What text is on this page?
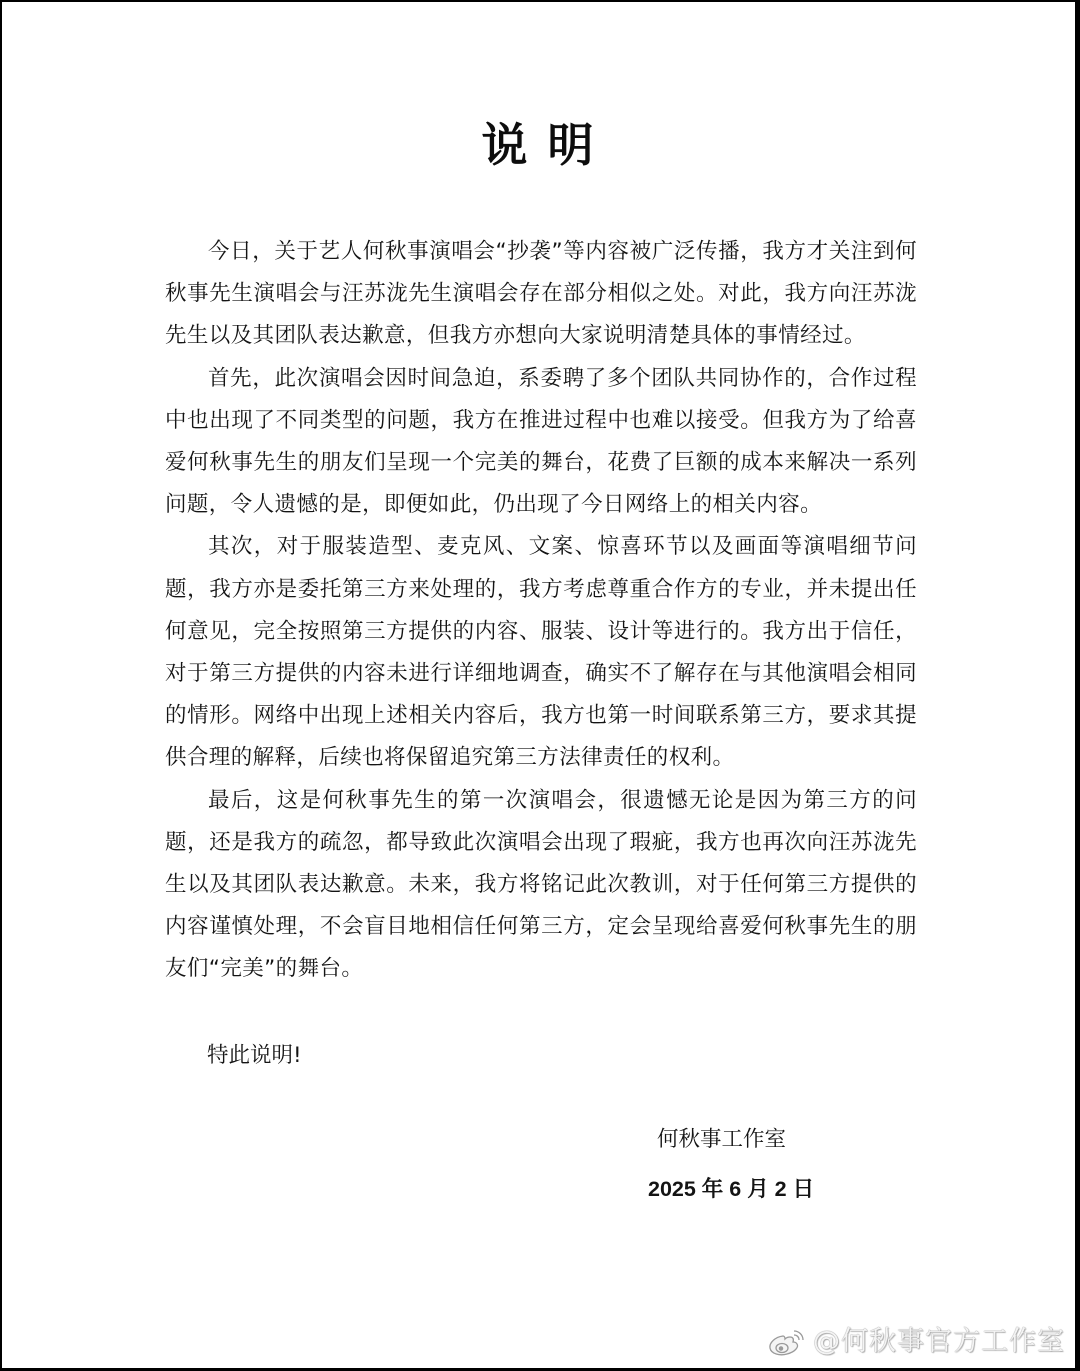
说明

今日，关于艺人何秋事演唱会“抄袭”等内容被广泛传播，我方才关注到何秋事先生演唱会与汪苏泷先生演唱会存在部分相似之处。对此，我方向汪苏泷先生以及其团队表达歉意，但我方亦想向大家说明清楚具体的事情经过。

首先，此次演唱会因时间急迫，系委聘了多个团队共同协作的，合作过程中也出现了不同类型的问题，我方在推进过程中也难以接受。但我方为了给喜爱何秋事先生的朋友们呈现一个完美的舞台，花费了巨额的成本来解决一系列问题，令人遗憾的是，即便如此，仍出现了今日网络上的相关内容。

其次，对于服装造型、麦克风、文案、惊喜环节以及画面等演唱细节问题，我方亦是委托第三方来处理的，我方考虑尊重合作方的专业，并未提出任何意见，完全按照第三方提供的内容、服装、设计等进行的。我方出于信任，对于第三方提供的内容未进行详细地调查，确实不了解存在与其他演唱会相同的情形。网络中出现上述相关内容后，我方也第一时间联系第三方，要求其提供合理的解释，后续也将保留追究第三方法律责任的权利。

最后，这是何秋事先生的第一次演唱会，很遗憾无论是因为第三方的问题，还是我方的疏忽，都导致此次演唱会出现了瑕疵，我方也再次向汪苏泷先生以及其团队表达歉意。未来，我方将铭记此次教训，对于任何第三方提供的内容谨慎处理，不会盲目地相信任何第三方，定会呈现给喜爱何秋事先生的朋友们“完美”的舞台。

特此说明!
何秋事工作室
2025 年 6 月 2 日
@何秋事官方工作室
